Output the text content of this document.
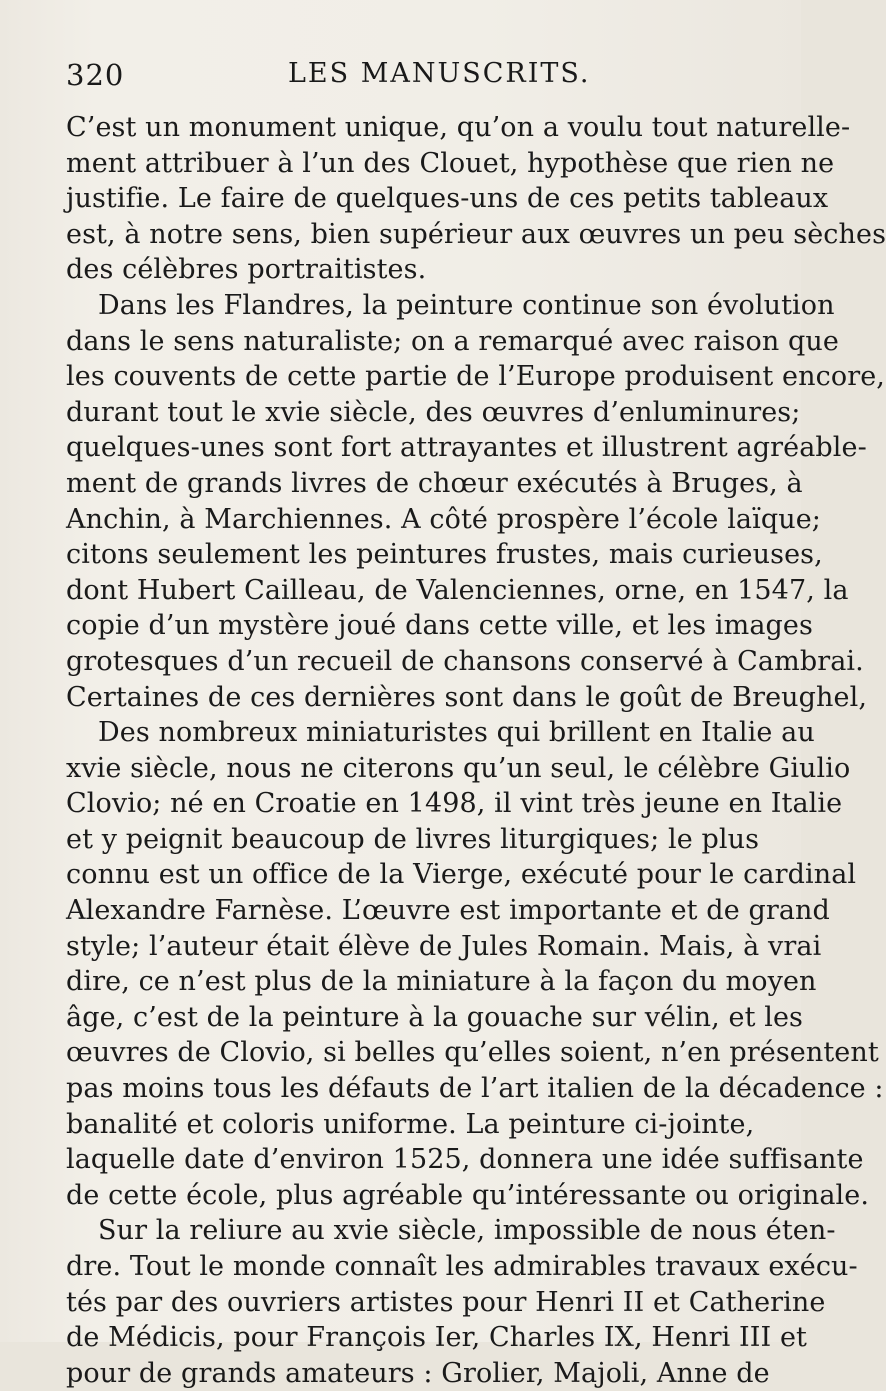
320	LES MANUSCRITS.
C’est un monument unique, qu’on a voulu tout naturelle-
ment attribuer à l’un des Clouet, hypothèse que rien ne
justifie. Le faire de quelques-uns de ces petits tableaux
est, à notre sens, bien supérieur aux œuvres un peu sèches
des célèbres portraitistes.
Dans les Flandres, la peinture continue son évolution
dans le sens naturaliste; on a remarqué avec raison que
les couvents de cette partie de l’Europe produisent encore,
durant tout le xvie siècle, des œuvres d’enluminures;
quelques-unes sont fort attrayantes et illustrent agréable-
ment de grands livres de chœur exécutés à Bruges, à
Anchin, à Marchiennes. A côté prospère l’école laïque;
citons seulement les peintures frustes, mais curieuses,
dont Hubert Cailleau, de Valenciennes, orne, en 1547, la
copie d’un mystère joué dans cette ville, et les images
grotesques d’un recueil de chansons conservé à Cambrai.
Certaines de ces dernières sont dans le goût de Breughel,
Des nombreux miniaturistes qui brillent en Italie au
xvie siècle, nous ne citerons qu’un seul, le célèbre Giulio
Clovio; né en Croatie en 1498, il vint très jeune en Italie
et y peignit beaucoup de livres liturgiques; le plus
connu est un office de la Vierge, exécuté pour le cardinal
Alexandre Farnèse. L’œuvre est importante et de grand
style; l’auteur était élève de Jules Romain. Mais, à vrai
dire, ce n’est plus de la miniature à la façon du moyen
âge, c’est de la peinture à la gouache sur vélin, et les
œuvres de Clovio, si belles qu’elles soient, n’en présentent
pas moins tous les défauts de l’art italien de la décadence :
banalité et coloris uniforme. La peinture ci-jointe,
laquelle date d’environ 1525, donnera une idée suffisante
de cette école, plus agréable qu’intéressante ou originale.
Sur la reliure au xvie siècle, impossible de nous éten-
dre. Tout le monde connaît les admirables travaux exécu-
tés par des ouvriers artistes pour Henri II et Catherine
de Médicis, pour François Ier, Charles IX, Henri III et
pour de grands amateurs : Grolier, Majoli, Anne de
